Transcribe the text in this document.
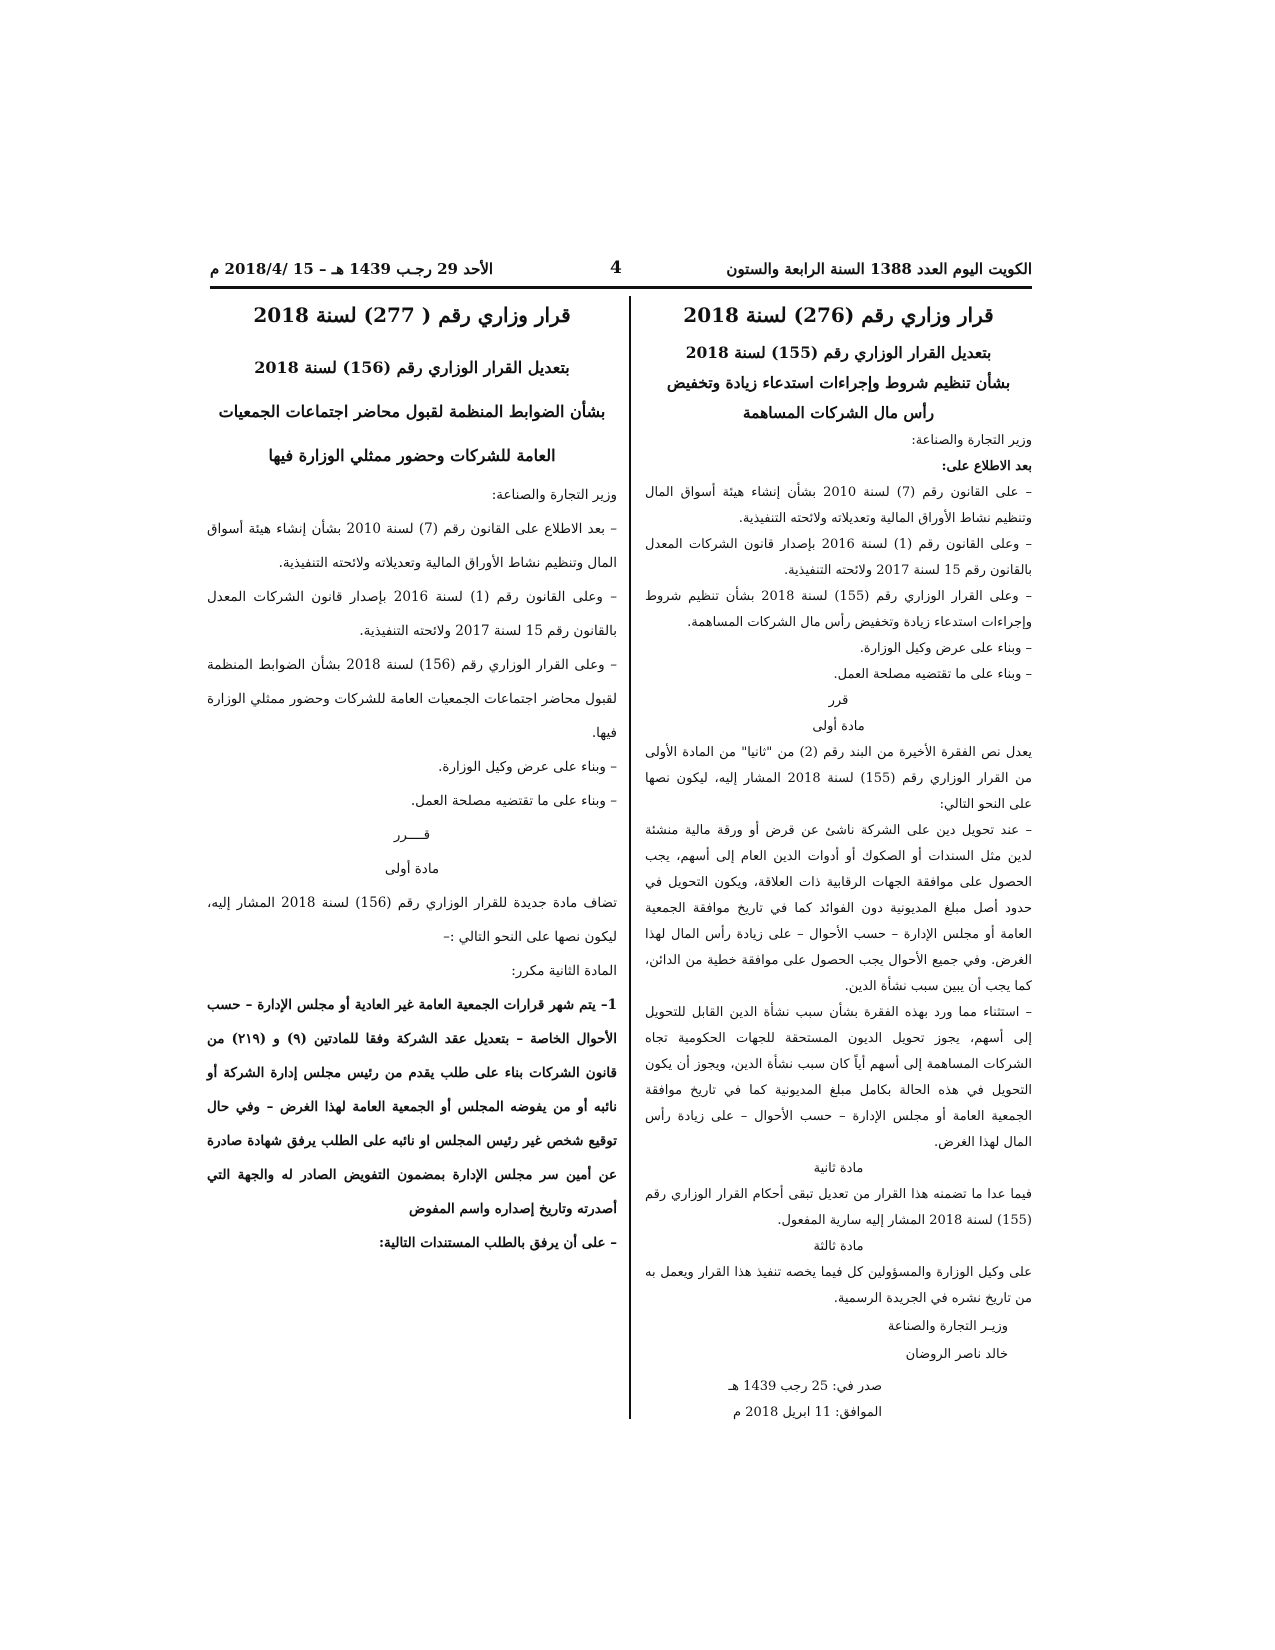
الكويت اليوم العدد 1388 السنة الرابعة والستون
4
الأحد 29 رجـب 1439 هـ – 15 /2018/4 م

قرار وزاري رقم (276) لسنة 2018

بتعديل القرار الوزاري رقم (155) لسنة 2018

بشأن تنظيم شروط وإجراءات استدعاء زيادة وتخفيض

رأس مال الشركات المساهمة

وزير التجارة والصناعة:

بعد الاطلاع على:

– على القانون رقم (7) لسنة 2010 بشأن إنشاء هيئة أسواق المال وتنظيم نشاط الأوراق المالية وتعديلاته ولائحته التنفيذية.

– وعلى القانون رقم (1) لسنة 2016 بإصدار قانون الشركات المعدل بالقانون رقم 15 لسنة 2017 ولائحته التنفيذية.

– وعلى القرار الوزاري رقم (155) لسنة 2018 بشأن تنظيم شروط وإجراءات استدعاء زيادة وتخفيض رأس مال الشركات المساهمة.

– وبناء على عرض وكيل الوزارة.

– وبناء على ما تقتضيه مصلحة العمل.

قرر

مادة أولى

يعدل نص الفقرة الأخيرة من البند رقم (2) من "ثانيا" من المادة الأولى من القرار الوزاري رقم (155) لسنة 2018 المشار إليه، ليكون نصها على النحو التالي:

– عند تحويل دين على الشركة ناشئ عن قرض أو ورقة مالية منشئة لدين مثل السندات أو الصكوك أو أدوات الدين العام إلى أسهم، يجب الحصول على موافقة الجهات الرقابية ذات العلاقة، ويكون التحويل في حدود أصل مبلغ المديونية دون الفوائد كما في تاريخ موافقة الجمعية العامة أو مجلس الإدارة – حسب الأحوال – على زيادة رأس المال لهذا الغرض. وفي جميع الأحوال يجب الحصول على موافقة خطية من الدائن، كما يجب أن يبين سبب نشأة الدين.

– استثناء مما ورد بهذه الفقرة بشأن سبب نشأة الدين القابل للتحويل إلى أسهم، يجوز تحويل الديون المستحقة للجهات الحكومية تجاه الشركات المساهمة إلى أسهم أياً كان سبب نشأة الدين، ويجوز أن يكون التحويل في هذه الحالة بكامل مبلغ المديونية كما في تاريخ موافقة الجمعية العامة أو مجلس الإدارة – حسب الأحوال – على زيادة رأس المال لهذا الغرض.

مادة ثانية

فيما عدا ما تضمنه هذا القرار من تعديل تبقى أحكام القرار الوزاري رقم (155) لسنة 2018 المشار إليه سارية المفعول.

مادة ثالثة

على وكيل الوزارة والمسؤولين كل فيما يخصه تنفيذ هذا القرار ويعمل به من تاريخ نشره في الجريدة الرسمية.

وزيـر التجارة والصناعة

خالد ناصر الروضان

صدر في: 25 رجب 1439 هـ

الموافق: 11 ابريل 2018 م

قرار وزاري رقم ( 277) لسنة 2018

بتعديل القرار الوزاري رقم (156) لسنة 2018

بشأن الضوابط المنظمة لقبول محاضر اجتماعات الجمعيات

العامة للشركات وحضور ممثلي الوزارة فيها

وزير التجارة والصناعة:

– بعد الاطلاع على القانون رقم (7) لسنة 2010 بشأن إنشاء هيئة أسواق المال وتنظيم نشاط الأوراق المالية وتعديلاته ولائحته التنفيذية.

– وعلى القانون رقم (1) لسنة 2016 بإصدار قانون الشركات المعدل بالقانون رقم 15 لسنة 2017 ولائحته التنفيذية.

– وعلى القرار الوزاري رقم (156) لسنة 2018 بشأن الضوابط المنظمة لقبول محاضر اجتماعات الجمعيات العامة للشركات وحضور ممثلي الوزارة فيها.

– وبناء على عرض وكيل الوزارة.

– وبناء على ما تقتضيه مصلحة العمل.

قــــرر

مادة أولى

تضاف مادة جديدة للقرار الوزاري رقم (156) لسنة 2018 المشار إليه، ليكون نصها على النحو التالي :–

المادة الثانية مكرر:

1– يتم شهر قرارات الجمعية العامة غير العادية أو مجلس الإدارة – حسب الأحوال الخاصة – بتعديل عقد الشركة وفقا للمادتين (٩) و (٢١٩) من قانون الشركات بناء على طلب يقدم من رئيس مجلس إدارة الشركة أو نائبه أو من يفوضه المجلس أو الجمعية العامة لهذا الغرض – وفي حال توقيع شخص غير رئيس المجلس او نائبه على الطلب يرفق شهادة صادرة عن أمين سر مجلس الإدارة بمضمون التفويض الصادر له والجهة التي أصدرته وتاريخ إصداره واسم المفوض

– على أن يرفق بالطلب المستندات التالية:
